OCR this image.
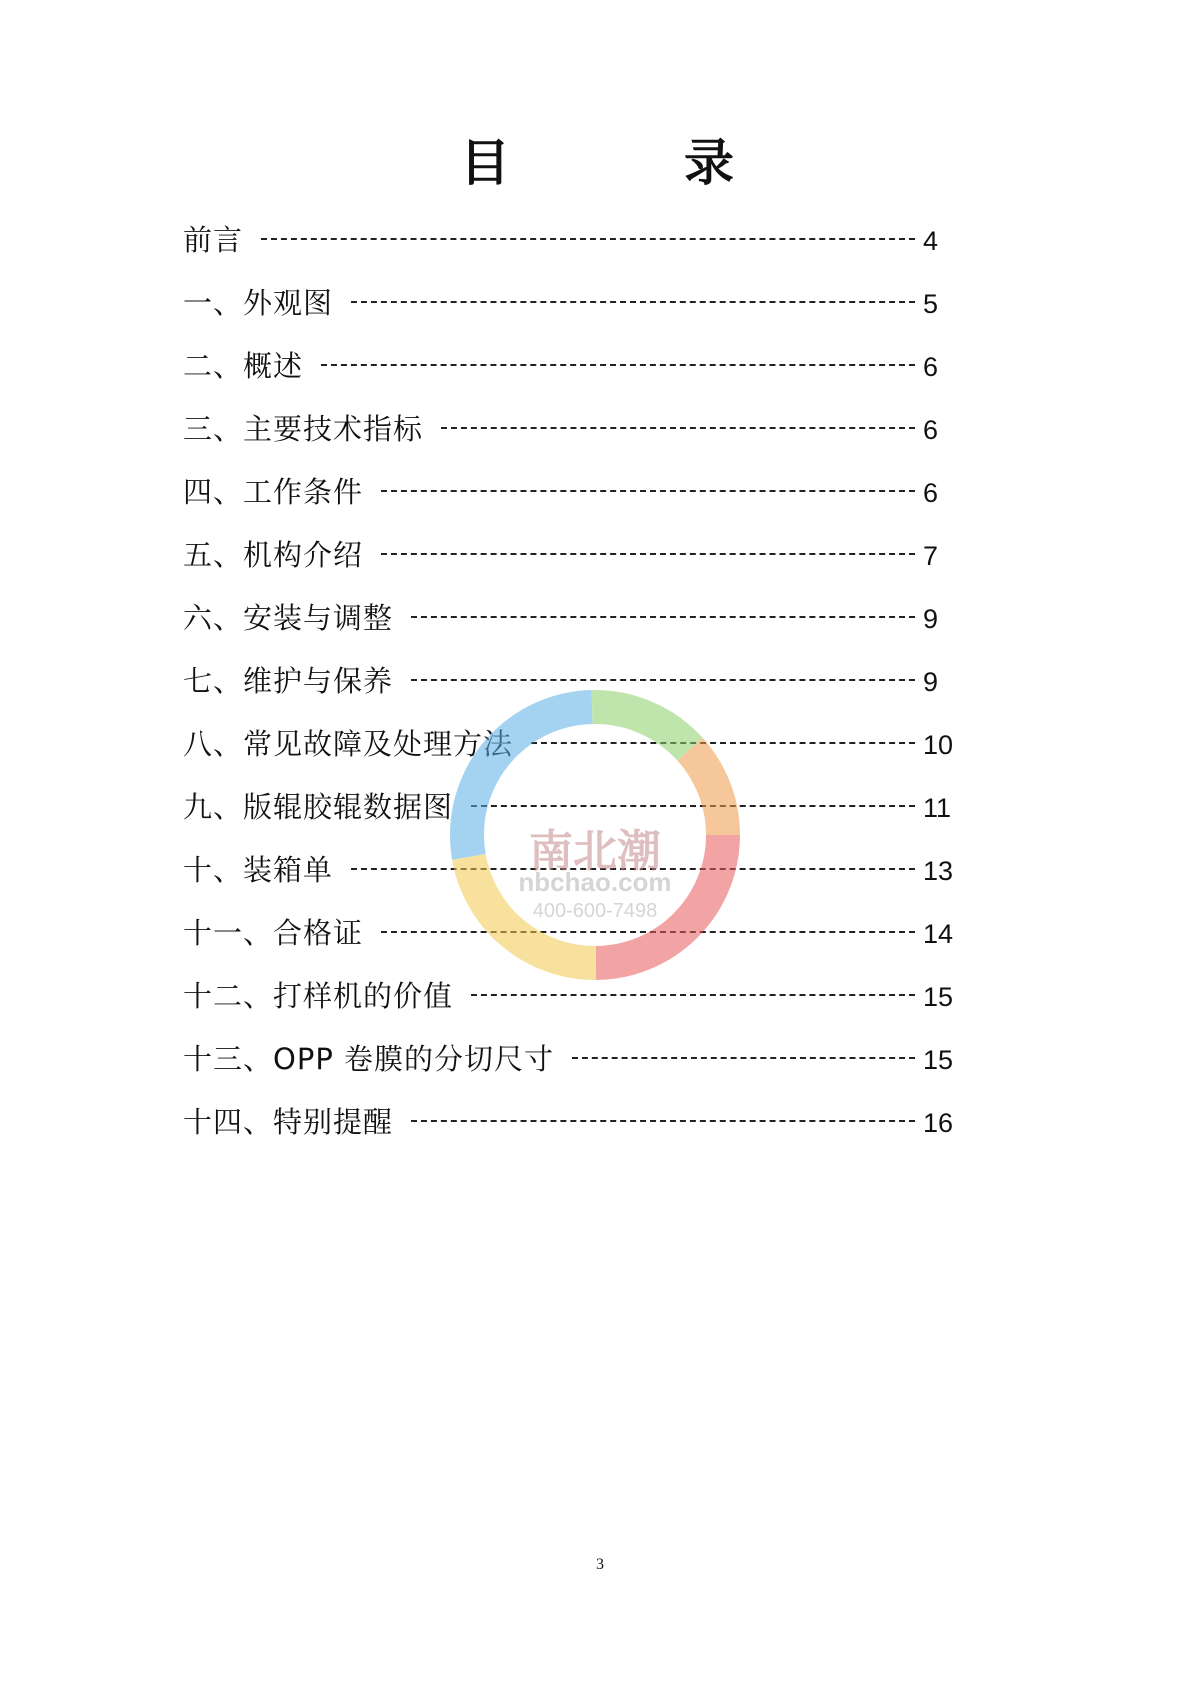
目　　　录
前言	4
一、外观图	5
二、概述	6
三、主要技术指标	6
四、工作条件	6
五、机构介绍	7
六、安装与调整	9
七、维护与保养	9
八、常见故障及处理方法	10
九、版辊胶辊数据图	11
十、装箱单	13
十一、合格证	14
十二、打样机的价值	15
十三、OPP 卷膜的分切尺寸	15
十四、特别提醒	16
南北潮
nbchao.com
400-600-7498
3
